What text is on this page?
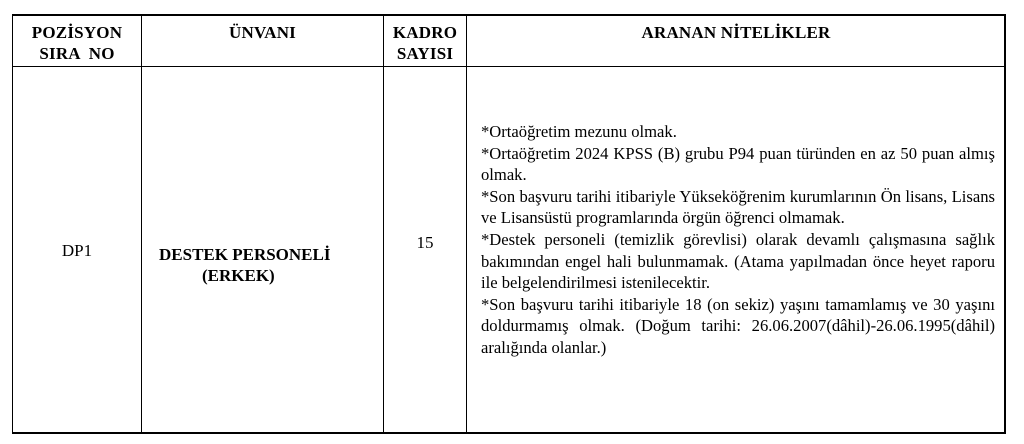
POZİSYON
SIRA  NO
ÜNVANI	KADRO
SAYISI
ARANAN NİTELİKLER
DP1	DESTEK PERSONELİ
(ERKEK)
15

*Ortaöğretim mezunu olmak.

*Ortaöğretim 2024 KPSS (B) grubu P94 puan türünden en az 50 puan almış olmak.

*Son başvuru tarihi itibariyle Yükseköğrenim kurumlarının Ön lisans, Lisans ve Lisansüstü programlarında örgün öğrenci olmamak.

*Destek personeli (temizlik görevlisi) olarak devamlı çalışmasına sağlık bakımından engel hali bulunmamak. (Atama yapılmadan önce heyet raporu ile belgelendirilmesi istenilecektir.

*Son başvuru tarihi itibariyle 18 (on sekiz) yaşını tamamlamış ve 30 yaşını doldurmamış olmak. (Doğum tarihi: 26.06.2007(dâhil)-26.06.1995(dâhil) aralığında olanlar.)
